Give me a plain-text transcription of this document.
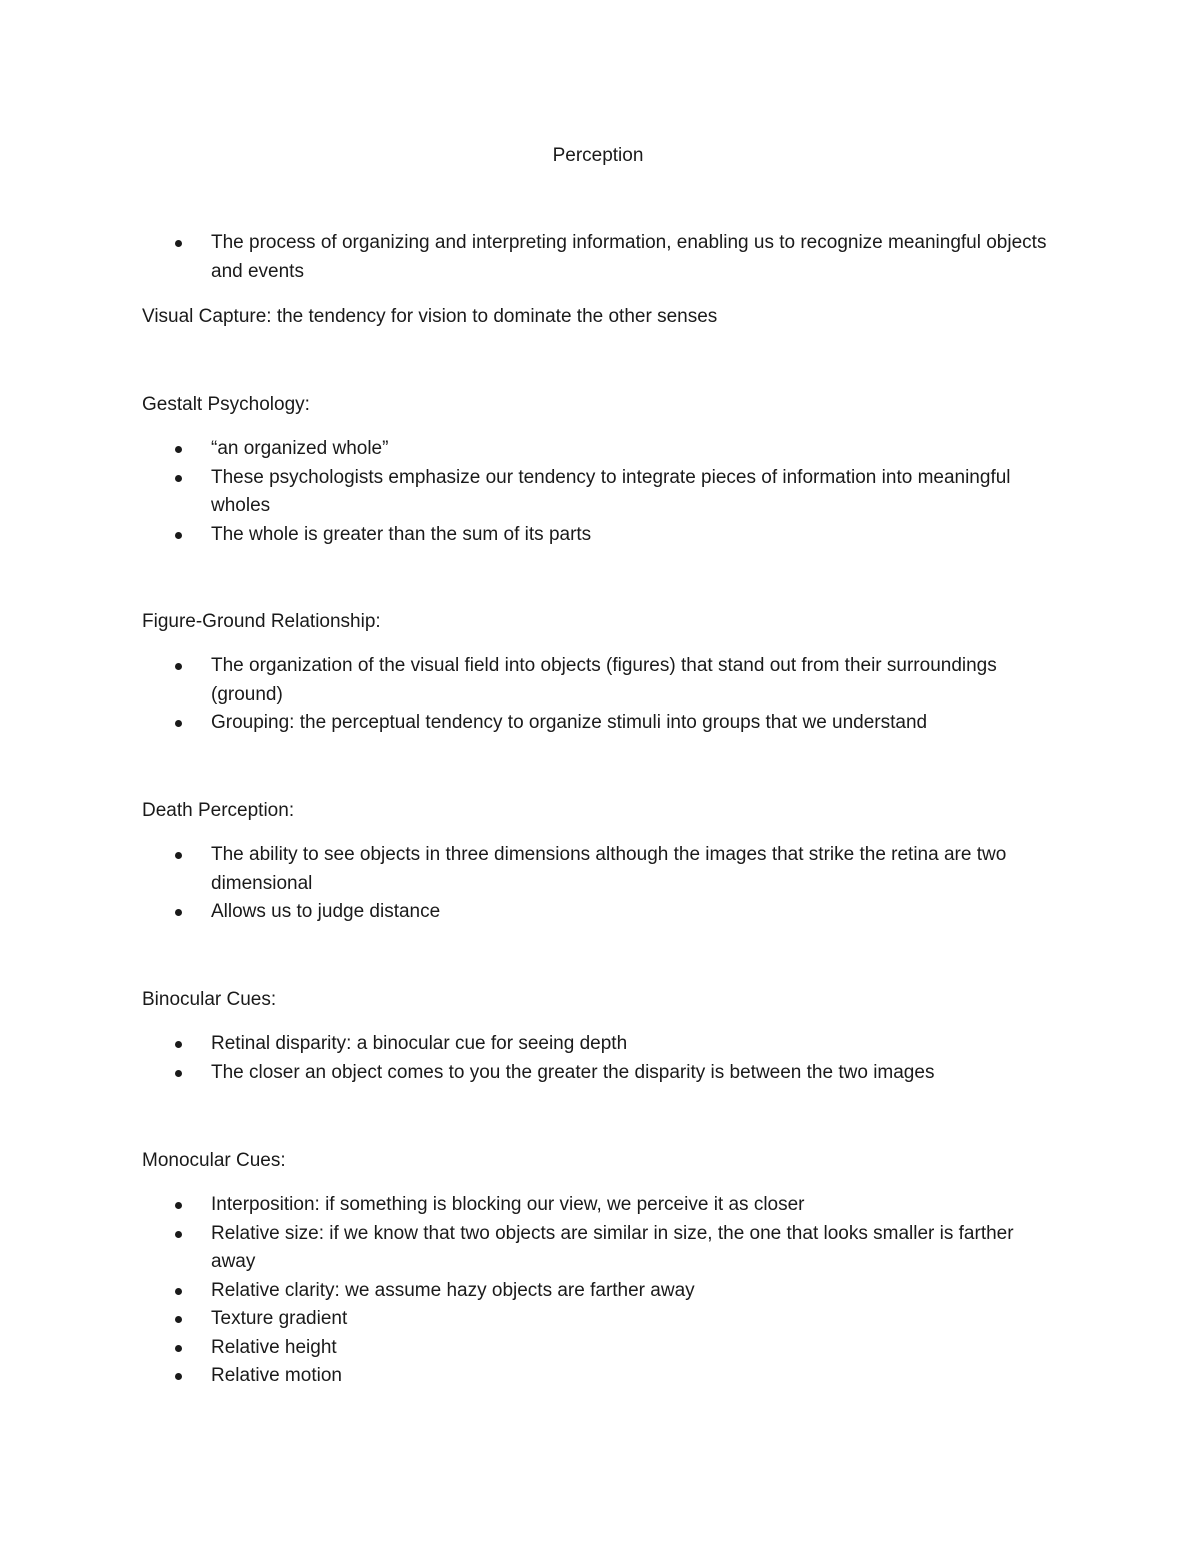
Perception
The process of organizing and interpreting information, enabling us to recognize meaningful objects and events
Visual Capture: the tendency for vision to dominate the other senses
Gestalt Psychology:
“an organized whole”
These psychologists emphasize our tendency to integrate pieces of information into meaningful wholes
The whole is greater than the sum of its parts
Figure-Ground Relationship:
The organization of the visual field into objects (figures) that stand out from their surroundings (ground)
Grouping: the perceptual tendency to organize stimuli into groups that we understand
Death Perception:
The ability to see objects in three dimensions although the images that strike the retina are two dimensional
Allows us to judge distance
Binocular Cues:
Retinal disparity: a binocular cue for seeing depth
The closer an object comes to you the greater the disparity is between the two images
Monocular Cues:
Interposition: if something is blocking our view, we perceive it as closer
Relative size: if we know that two objects are similar in size, the one that looks smaller is farther away
Relative clarity: we assume hazy objects are farther away
Texture gradient
Relative height
Relative motion
